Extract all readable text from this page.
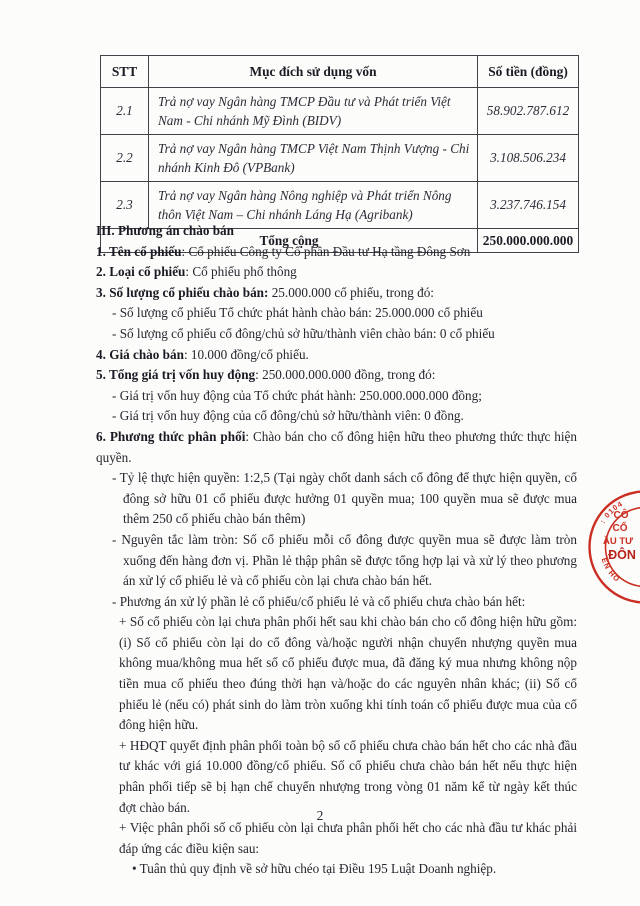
STT	Mục đích sử dụng vốn	Số tiền (đồng)
2.1	Trả nợ vay Ngân hàng TMCP Đầu tư và Phát triển Việt Nam - Chi nhánh Mỹ Đình (BIDV)	58.902.787.612
2.2	Trả nợ vay Ngân hàng TMCP Việt Nam Thịnh Vượng - Chi nhánh Kinh Đô (VPBank)	3.108.506.234
2.3	Trả nợ vay Ngân hàng Nông nghiệp và Phát triển Nông thôn Việt Nam – Chi nhánh Láng Hạ (Agribank)	3.237.746.154
Tổng cộng		250.000.000.000
III. Phương án chào bán

1. Tên cổ phiếu: Cổ phiếu Công ty Cổ phần Đầu tư Hạ tầng Đông Sơn

2. Loại cổ phiếu: Cổ phiếu phổ thông

3. Số lượng cổ phiếu chào bán: 25.000.000 cổ phiếu, trong đó:

- Số lượng cổ phiếu Tổ chức phát hành chào bán: 25.000.000 cổ phiếu

- Số lượng cổ phiếu cổ đông/chủ sở hữu/thành viên chào bán: 0 cổ phiếu

4. Giá chào bán: 10.000 đồng/cổ phiếu.

5. Tổng giá trị vốn huy động: 250.000.000.000 đồng, trong đó:

- Giá trị vốn huy động của Tổ chức phát hành: 250.000.000.000 đồng;

- Giá trị vốn huy động của cổ đông/chủ sở hữu/thành viên: 0 đồng.

6. Phương thức phân phối: Chào bán cho cổ đông hiện hữu theo phương thức thực hiện quyền.

- Tỷ lệ thực hiện quyền: 1:2,5 (Tại ngày chốt danh sách cổ đông để thực hiện quyền, cổ đông sở hữu 01 cổ phiếu được hưởng 01 quyền mua; 100 quyền mua sẽ được mua thêm 250 cổ phiếu chào bán thêm)

- Nguyên tắc làm tròn: Số cổ phiếu mỗi cổ đông được quyền mua sẽ được làm tròn xuống đến hàng đơn vị. Phần lẻ thập phân sẽ được tổng hợp lại và xử lý theo phương án xử lý cổ phiếu lẻ và cổ phiếu còn lại chưa chào bán hết.

- Phương án xử lý phần lẻ cổ phiếu/cổ phiếu lẻ và cổ phiếu chưa chào bán hết:

+ Số cổ phiếu còn lại chưa phân phối hết sau khi chào bán cho cổ đông hiện hữu gồm: (i) Số cổ phiếu còn lại do cổ đông và/hoặc người nhận chuyển nhượng quyền mua không mua/không mua hết số cổ phiếu được mua, đã đăng ký mua nhưng không nộp tiền mua cổ phiếu theo đúng thời hạn và/hoặc do các nguyên nhân khác; (ii) Số cổ phiếu lẻ (nếu có) phát sinh do làm tròn xuống khi tính toán cổ phiếu được mua của cổ đông hiện hữu.

+ HĐQT quyết định phân phối toàn bộ số cổ phiếu chưa chào bán hết cho các nhà đầu tư khác với giá 10.000 đồng/cổ phiếu. Số cổ phiếu chưa chào bán hết nếu thực hiện phân phối tiếp sẽ bị hạn chế chuyển nhượng trong vòng 01 năm kể từ ngày kết thúc đợt chào bán.

+ Việc phân phối số cổ phiếu còn lại chưa phân phối hết cho các nhà đầu tư khác phải đáp ứng các điều kiện sau:

• Tuân thủ quy định về sở hữu chéo tại Điều 195 Luật Doanh nghiệp.

: 0104
ÊN HO
CÔ
CỔ
ẦU TƯ
ĐÔN
2
